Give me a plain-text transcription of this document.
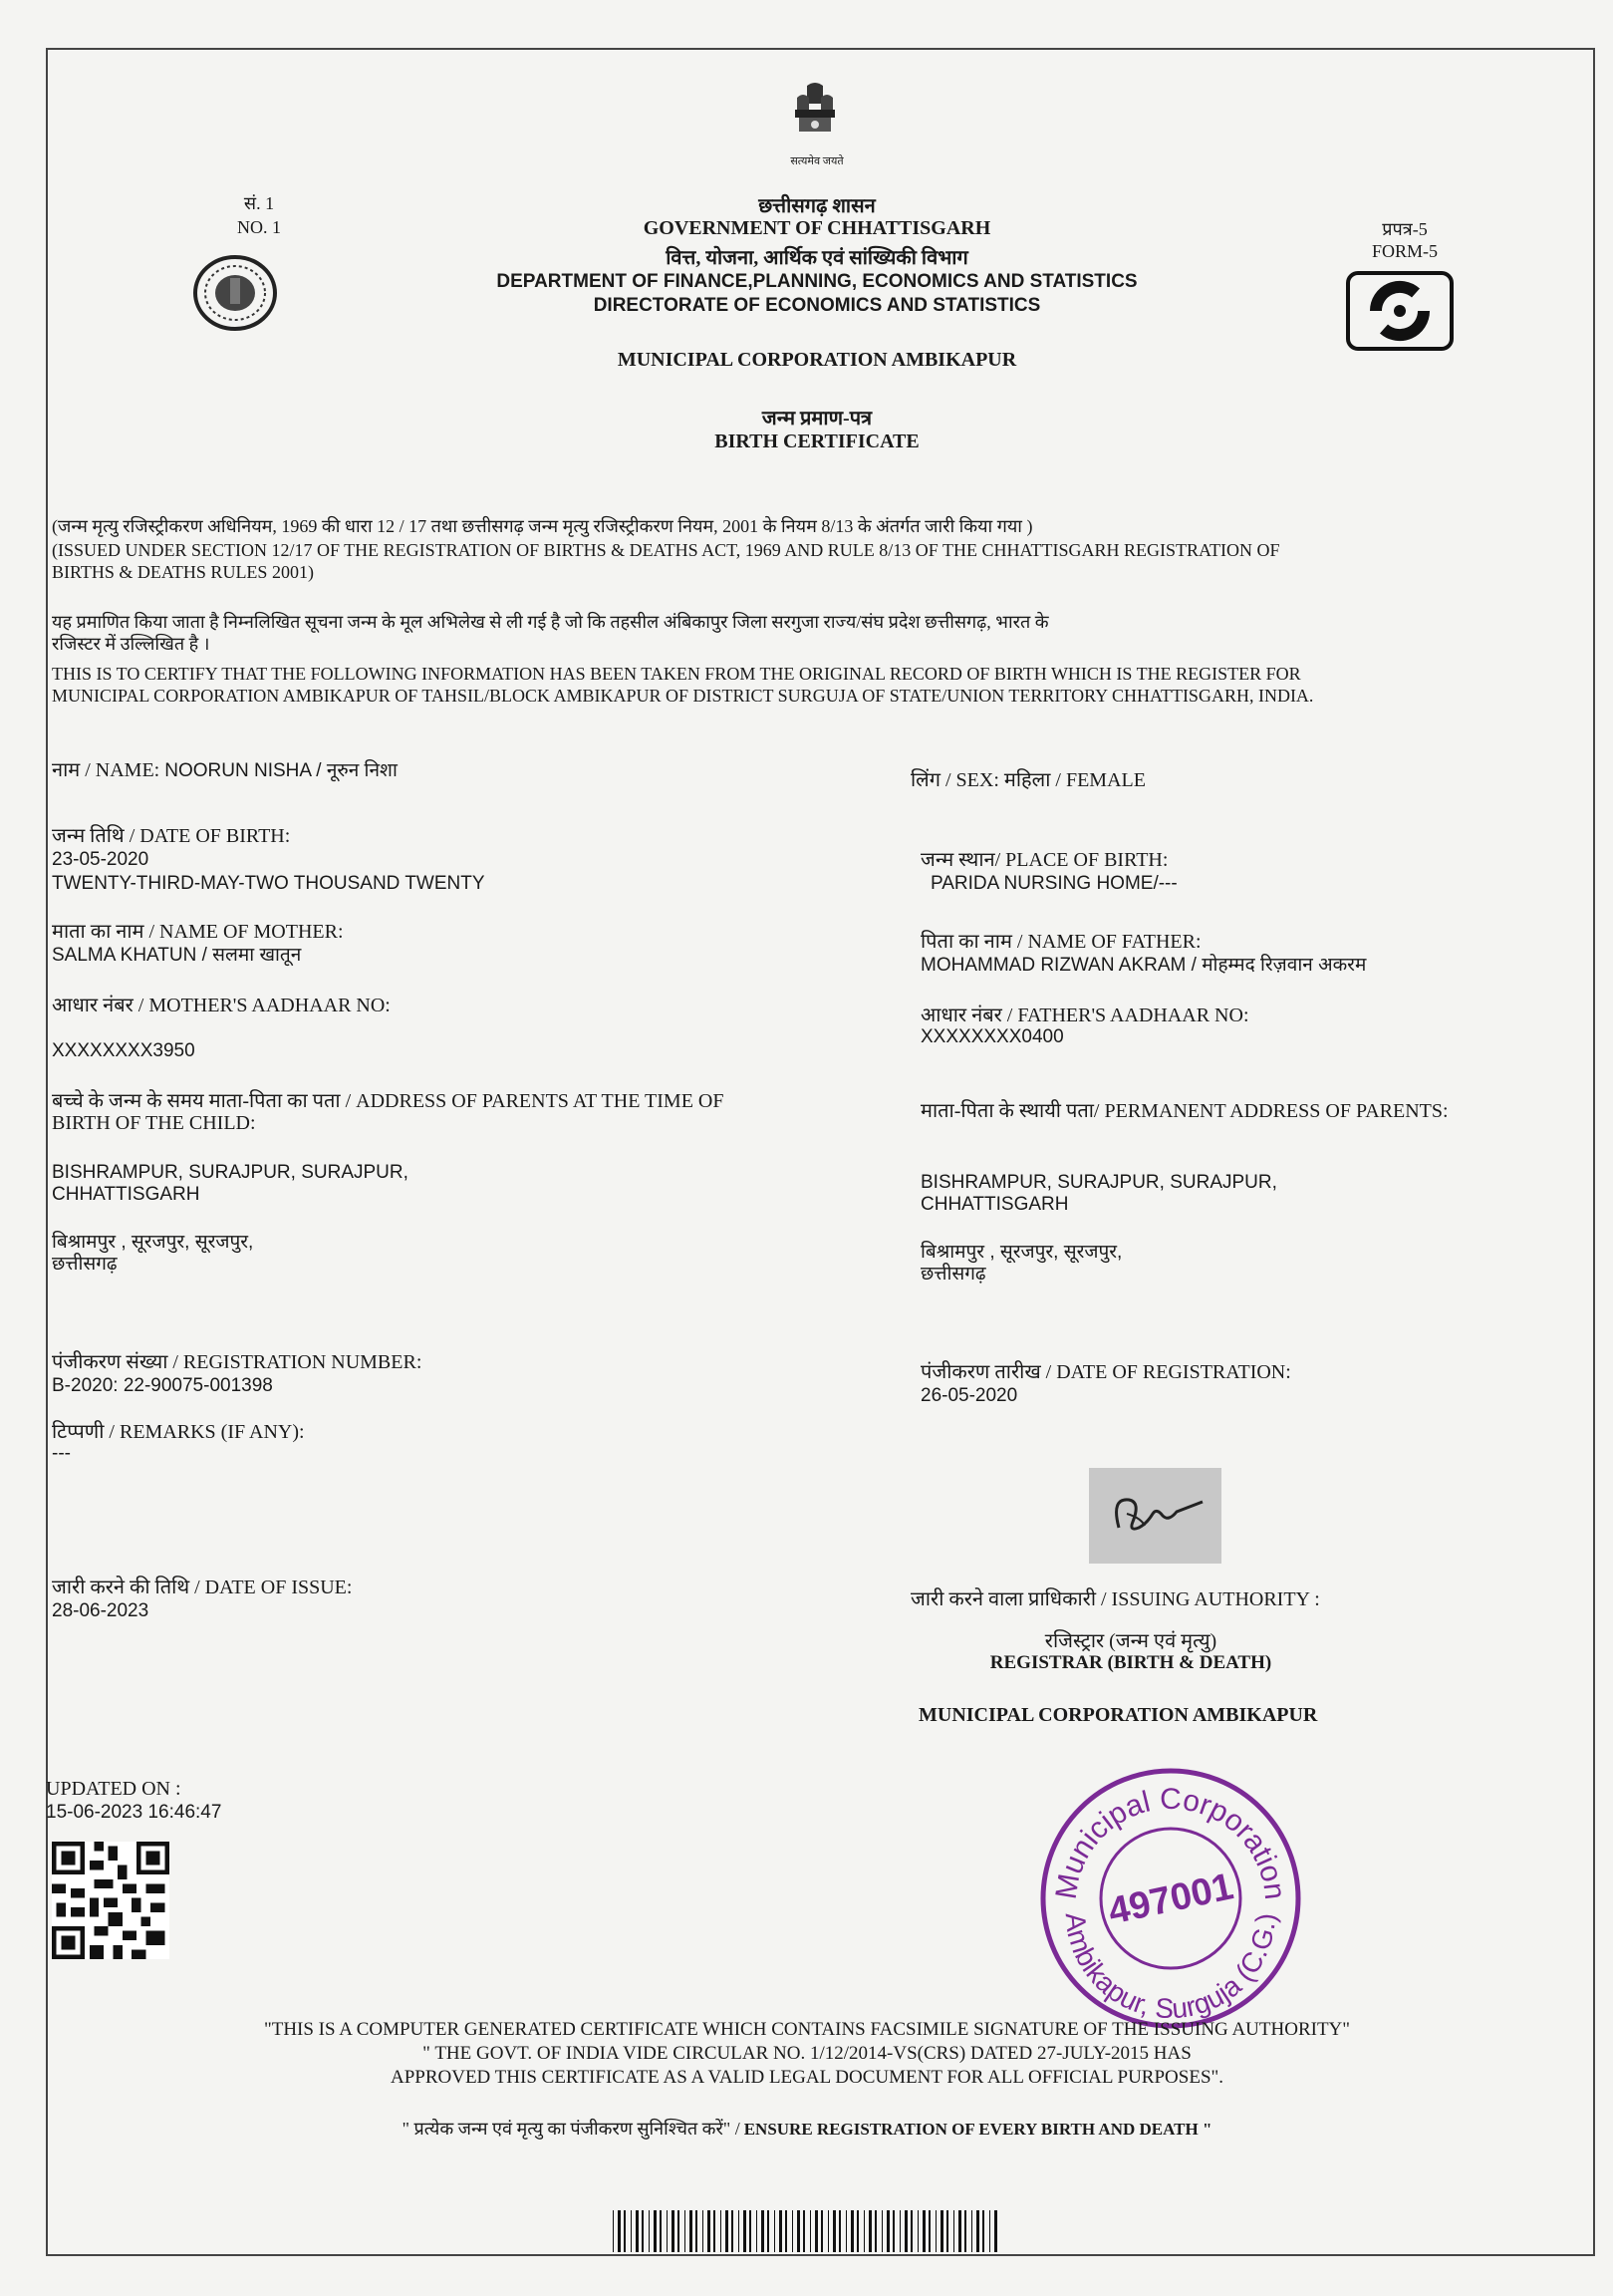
सत्यमेव जयते
सं. 1
NO. 1	प्रपत्र-5
FORM-5
छत्तीसगढ़ शासन
GOVERNMENT OF CHHATTISGARH
वित्त, योजना, आर्थिक एवं सांख्यिकी विभाग
DEPARTMENT OF FINANCE,PLANNING, ECONOMICS AND STATISTICS
DIRECTORATE OF ECONOMICS AND STATISTICS
MUNICIPAL CORPORATION AMBIKAPUR
जन्म प्रमाण-पत्र
BIRTH CERTIFICATE
(जन्म मृत्यु रजिस्ट्रीकरण अधिनियम, 1969 की धारा 12 / 17 तथा छत्तीसगढ़ जन्म मृत्यु रजिस्ट्रीकरण नियम, 2001 के नियम 8/13 के अंतर्गत जारी किया गया )
(ISSUED UNDER SECTION 12/17 OF THE REGISTRATION OF BIRTHS & DEATHS ACT, 1969 AND RULE 8/13 OF THE CHHATTISGARH REGISTRATION OF
BIRTHS & DEATHS RULES 2001)
यह प्रमाणित किया जाता है निम्नलिखित सूचना जन्म के मूल अभिलेख से ली गई है जो कि तहसील अंबिकापुर जिला सरगुजा राज्य/संघ प्रदेश छत्तीसगढ़, भारत के
रजिस्टर में उल्लिखित है ।
THIS IS TO CERTIFY THAT THE FOLLOWING INFORMATION HAS BEEN TAKEN FROM THE ORIGINAL RECORD OF BIRTH WHICH IS THE REGISTER FOR
MUNICIPAL CORPORATION AMBIKAPUR OF TAHSIL/BLOCK AMBIKAPUR OF DISTRICT SURGUJA OF STATE/UNION TERRITORY CHHATTISGARH, INDIA.
नाम / NAME: NOORUN NISHA / नूरुन निशा
जन्म तिथि / DATE OF BIRTH:
23-05-2020
TWENTY-THIRD-MAY-TWO THOUSAND TWENTY
माता का नाम / NAME OF MOTHER:
SALMA KHATUN / सलमा खातून
आधार नंबर / MOTHER'S AADHAAR NO:
XXXXXXXX3950
बच्चे के जन्म के समय माता-पिता का पता / ADDRESS OF PARENTS AT THE TIME OF
BIRTH OF THE CHILD:
BISHRAMPUR, SURAJPUR, SURAJPUR,
CHHATTISGARH
बिश्रामपुर , सूरजपुर, सूरजपुर,
छत्तीसगढ़
पंजीकरण संख्या / REGISTRATION NUMBER:
B-2020: 22-90075-001398
टिप्पणी / REMARKS (IF ANY):
---
जारी करने की तिथि / DATE OF ISSUE:
28-06-2023
UPDATED ON :
15-06-2023 16:46:47
लिंग / SEX: महिला / FEMALE
जन्म स्थान/ PLACE OF BIRTH:
PARIDA NURSING HOME/---
पिता का नाम / NAME OF FATHER:
MOHAMMAD RIZWAN AKRAM / मोहम्मद रिज़वान अकरम
आधार नंबर / FATHER'S AADHAAR NO:
XXXXXXXX0400
माता-पिता के स्थायी पता/ PERMANENT ADDRESS OF PARENTS:
BISHRAMPUR, SURAJPUR, SURAJPUR,
CHHATTISGARH
बिश्रामपुर , सूरजपुर, सूरजपुर,
छत्तीसगढ़
पंजीकरण तारीख / DATE OF REGISTRATION:
26-05-2020
जारी करने वाला प्राधिकारी / ISSUING AUTHORITY :
रजिस्ट्रार (जन्म एवं मृत्यु)
REGISTRAR (BIRTH & DEATH)
MUNICIPAL CORPORATION AMBIKAPUR
Municipal Corporation
Ambikapur, Surguja (C.G.)
497001
"THIS IS A COMPUTER GENERATED CERTIFICATE WHICH CONTAINS FACSIMILE SIGNATURE OF THE ISSUING AUTHORITY"
" THE GOVT. OF INDIA VIDE CIRCULAR NO. 1/12/2014-VS(CRS) DATED 27-JULY-2015 HAS
APPROVED THIS CERTIFICATE AS A VALID LEGAL DOCUMENT FOR ALL OFFICIAL PURPOSES".
" प्रत्येक जन्म एवं मृत्यु का पंजीकरण सुनिश्चित करें" / ENSURE REGISTRATION OF EVERY BIRTH AND DEATH "
